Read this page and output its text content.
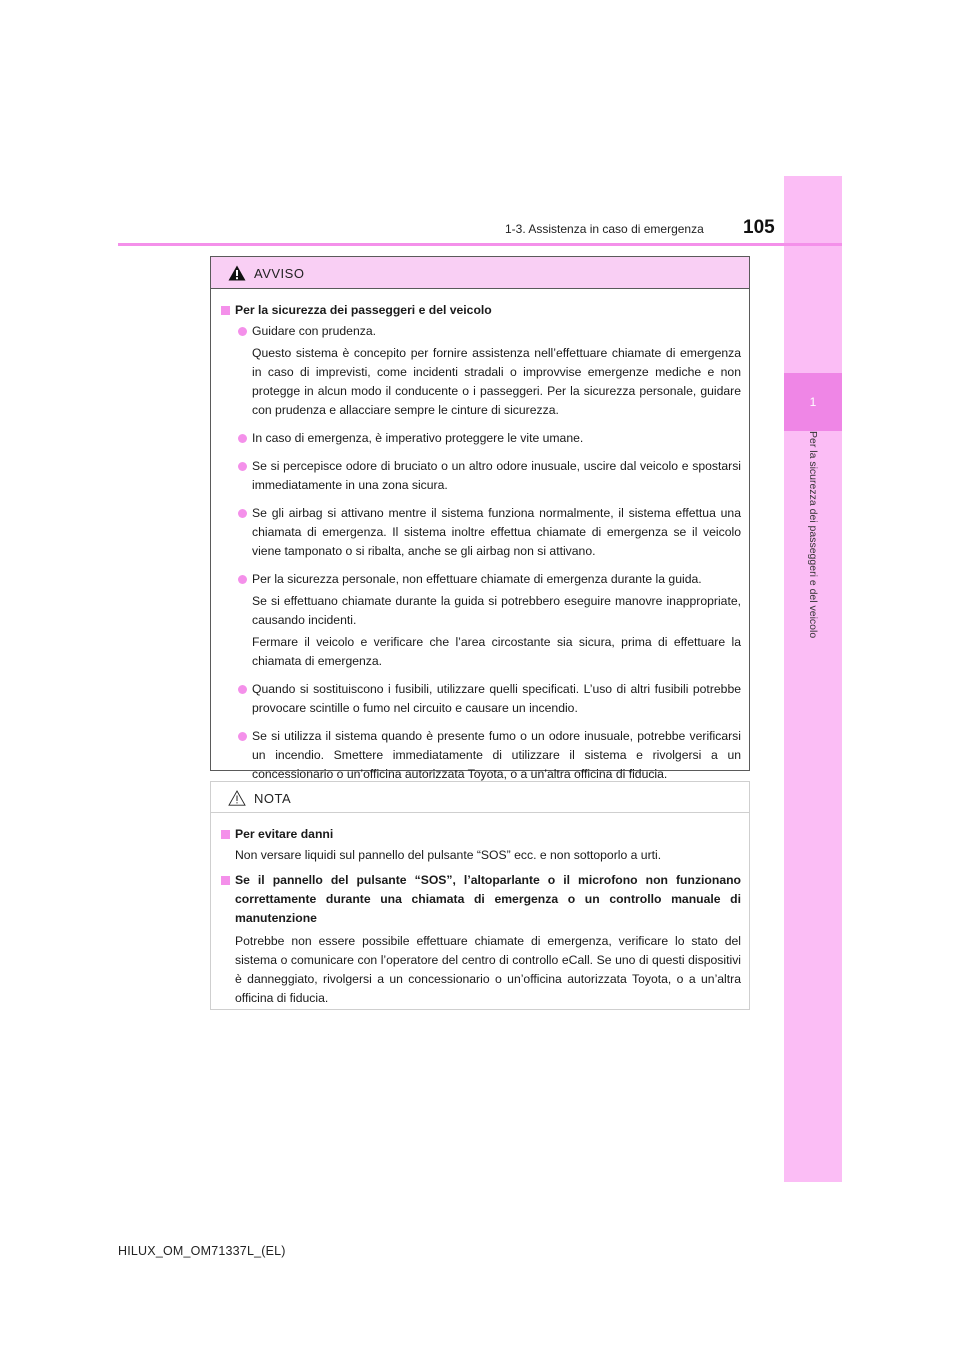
1
Per la sicurezza dei passeggeri e del veicolo
1-3. Assistenza in caso di emergenza 105
AVVISO
Per la sicurezza dei passeggeri e del veicolo
Guidare con prudenza.
Questo sistema è concepito per fornire assistenza nell’effettuare chiamate di emergenza in caso di imprevisti, come incidenti stradali o improvvise emergenze mediche e non protegge in alcun modo il conducente o i passeggeri. Per la sicurezza personale, guidare con prudenza e allacciare sempre le cinture di sicurezza.
In caso di emergenza, è imperativo proteggere le vite umane.
Se si percepisce odore di bruciato o un altro odore inusuale, uscire dal veicolo e spostarsi immediatamente in una zona sicura.
Se gli airbag si attivano mentre il sistema funziona normalmente, il sistema effettua una chiamata di emergenza. Il sistema inoltre effettua chiamate di emergenza se il veicolo viene tamponato o si ribalta, anche se gli airbag non si attivano.
Per la sicurezza personale, non effettuare chiamate di emergenza durante la guida.
Se si effettuano chiamate durante la guida si potrebbero eseguire manovre inappropriate, causando incidenti.
Fermare il veicolo e verificare che l’area circostante sia sicura, prima di effettuare la chiamata di emergenza.
Quando si sostituiscono i fusibili, utilizzare quelli specificati. L’uso di altri fusibili potrebbe provocare scintille o fumo nel circuito e causare un incendio.
Se si utilizza il sistema quando è presente fumo o un odore inusuale, potrebbe verificarsi un incendio. Smettere immediatamente di utilizzare il sistema e rivolgersi a un concessionario o un’officina autorizzata Toyota, o a un’altra officina di fiducia.
NOTA
Per evitare danni
Non versare liquidi sul pannello del pulsante “SOS” ecc. e non sottoporlo a urti.
Se il pannello del pulsante “SOS”, l’altoparlante o il microfono non funzionano correttamente durante una chiamata di emergenza o un controllo manuale di manutenzione
Potrebbe non essere possibile effettuare chiamate di emergenza, verificare lo stato del sistema o comunicare con l’operatore del centro di controllo eCall. Se uno di questi dispositivi è danneggiato, rivolgersi a un concessionario o un’officina autorizzata Toyota, o a un’altra officina di fiducia.
HILUX_OM_OM71337L_(EL)
